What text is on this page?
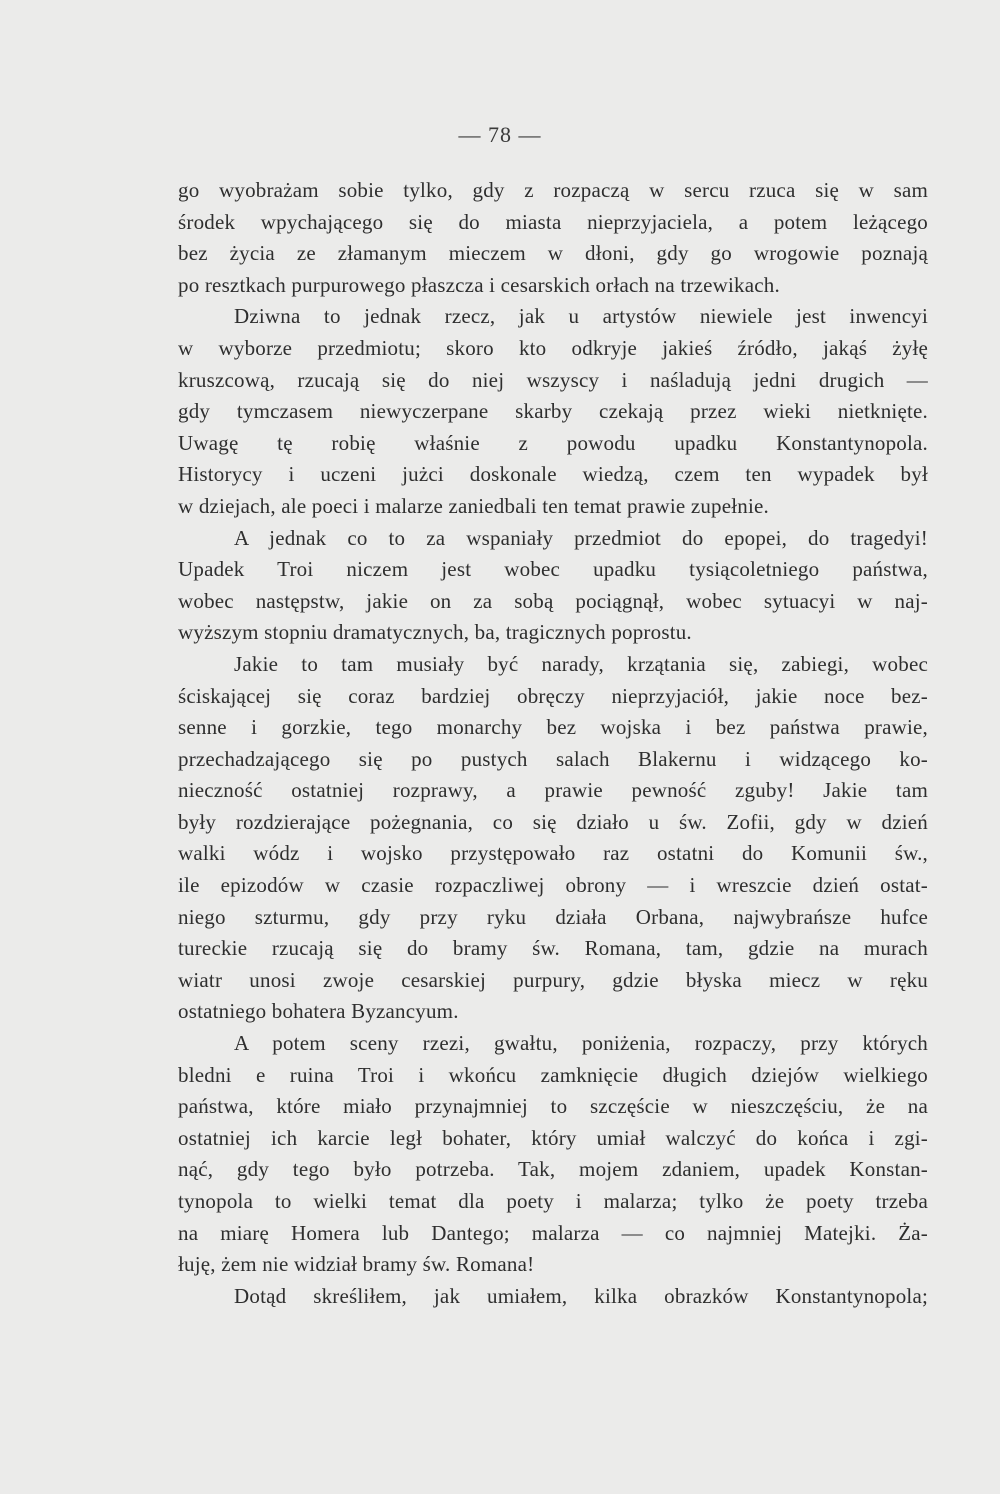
— 78 —
go wyobrażam sobie tylko, gdy z rozpaczą w sercu rzuca się w sam
środek wpychającego się do miasta nieprzyjaciela, a potem leżącego
bez życia ze złamanym mieczem w dłoni, gdy go wrogowie poznają
po resztkach purpurowego płaszcza i cesarskich orłach na trzewikach.
Dziwna to jednak rzecz, jak u artystów niewiele jest inwencyi
w wyborze przedmiotu; skoro kto odkryje jakieś źródło, jakąś żyłę
kruszcową, rzucają się do niej wszyscy i naśladują jedni drugich —
gdy tymczasem niewyczerpane skarby czekają przez wieki nietknięte.
Uwagę tę robię właśnie z powodu upadku Konstantynopola.
Historycy i uczeni jużci doskonale wiedzą, czem ten wypadek był
w dziejach, ale poeci i malarze zaniedbali ten temat prawie zupełnie.
A jednak co to za wspaniały przedmiot do epopei, do tragedyi!
Upadek Troi niczem jest wobec upadku tysiącoletniego państwa,
wobec następstw, jakie on za sobą pociągnął, wobec sytuacyi w naj-
wyższym stopniu dramatycznych, ba, tragicznych poprostu.
Jakie to tam musiały być narady, krzątania się, zabiegi, wobec
ściskającej się coraz bardziej obręczy nieprzyjaciół, jakie noce bez-
senne i gorzkie, tego monarchy bez wojska i bez państwa prawie,
przechadzającego się po pustych salach Blakernu i widzącego ko-
nieczność ostatniej rozprawy, a prawie pewność zguby! Jakie tam
były rozdzierające pożegnania, co się działo u św. Zofii, gdy w dzień
walki wódz i wojsko przystępowało raz ostatni do Komunii św.,
ile epizodów w czasie rozpaczliwej obrony — i wreszcie dzień ostat-
niego szturmu, gdy przy ryku działa Orbana, najwybrańsze hufce
tureckie rzucają się do bramy św. Romana, tam, gdzie na murach
wiatr unosi zwoje cesarskiej purpury, gdzie błyska miecz w ręku
ostatniego bohatera Byzancyum.
A potem sceny rzezi, gwałtu, poniżenia, rozpaczy, przy których
bledni e ruina Troi i wkońcu zamknięcie długich dziejów wielkiego
państwa, które miało przynajmniej to szczęście w nieszczęściu, że na
ostatniej ich karcie legł bohater, który umiał walczyć do końca i zgi-
nąć, gdy tego było potrzeba. Tak, mojem zdaniem, upadek Konstan-
tynopola to wielki temat dla poety i malarza; tylko że poety trzeba
na miarę Homera lub Dantego; malarza — co najmniej Matejki. Ża-
łuję, żem nie widział bramy św. Romana!
Dotąd skreśliłem, jak umiałem, kilka obrazków Konstantynopola;
